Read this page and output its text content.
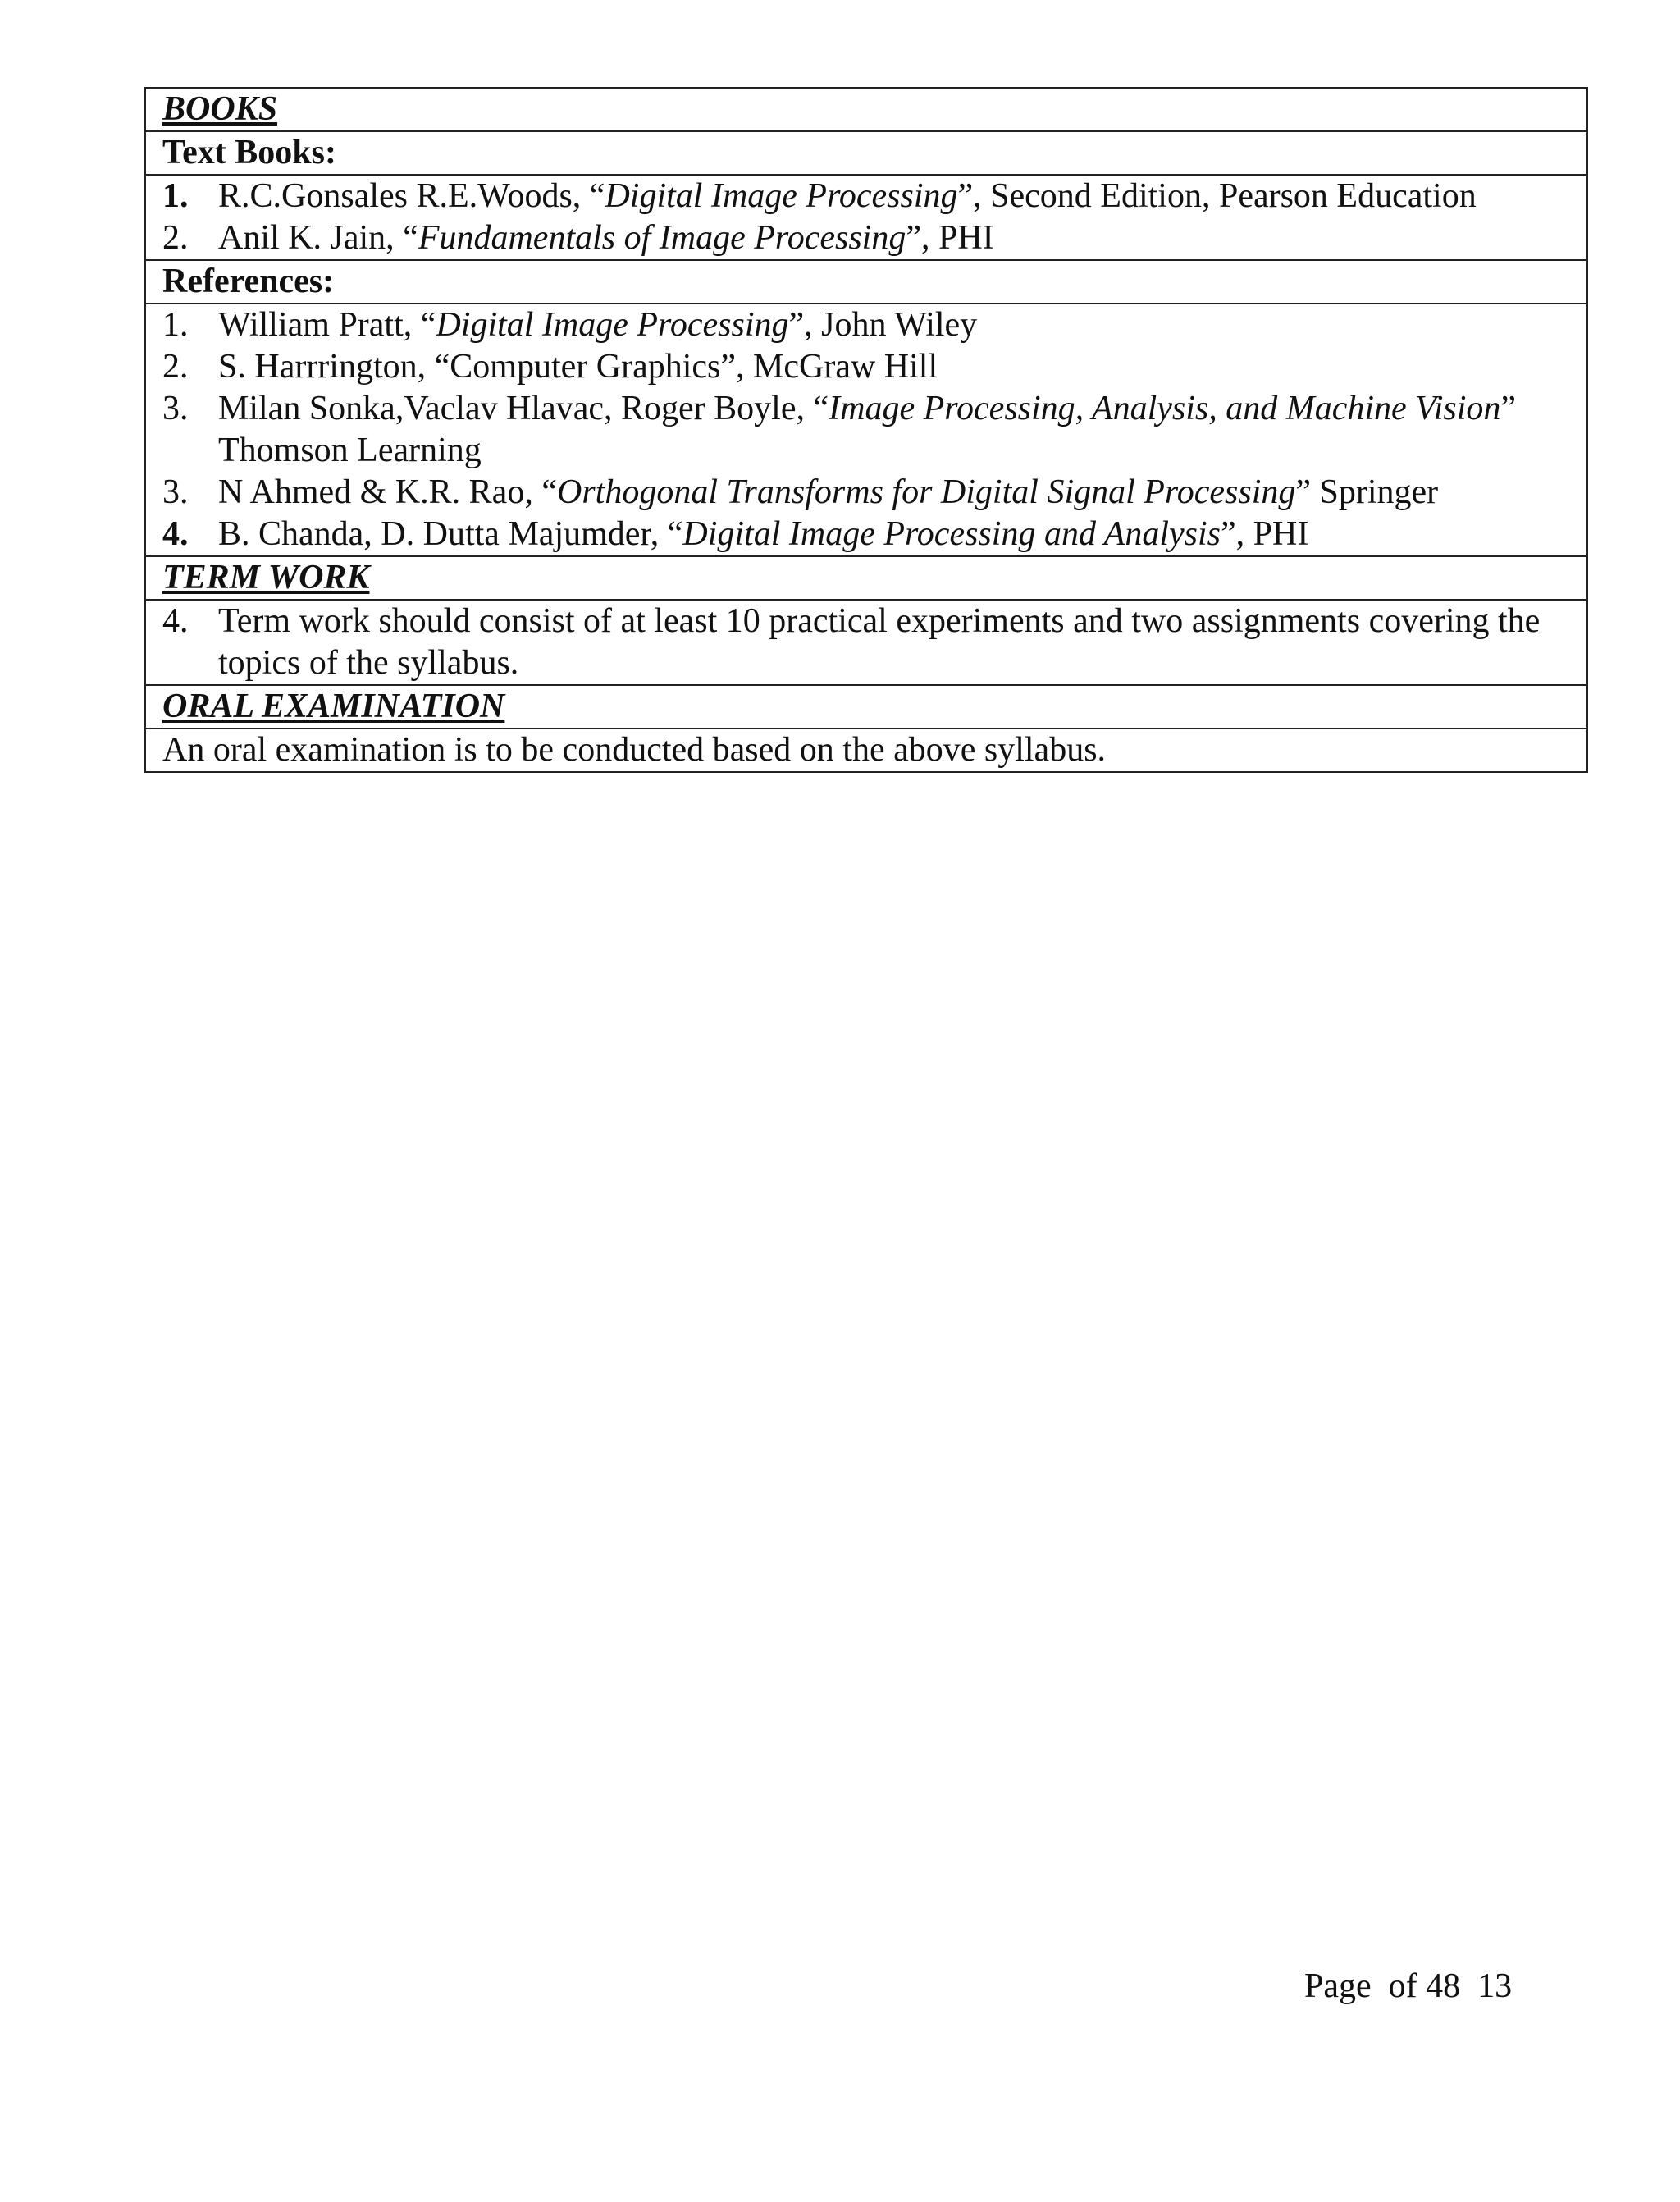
BOOKS
Text Books:
1. R.C.Gonsales R.E.Woods, “Digital Image Processing”, Second Edition, Pearson Education
2. Anil K. Jain, “Fundamentals of Image Processing”, PHI
References:
1. William Pratt, “Digital Image Processing”, John Wiley
2. S. Harrrington, “Computer Graphics”, McGraw Hill
3. Milan Sonka,Vaclav Hlavac, Roger Boyle, “Image Processing, Analysis, and Machine Vision” Thomson Learning
3. N Ahmed & K.R. Rao, “Orthogonal Transforms for Digital Signal Processing” Springer
4. B. Chanda, D. Dutta Majumder, “Digital Image Processing and Analysis”, PHI
TERM WORK
4. Term work should consist of at least 10 practical experiments and two assignments covering the topics of the syllabus.
ORAL EXAMINATION
An oral examination is to be conducted based on the above syllabus.
Page  of 48  13
